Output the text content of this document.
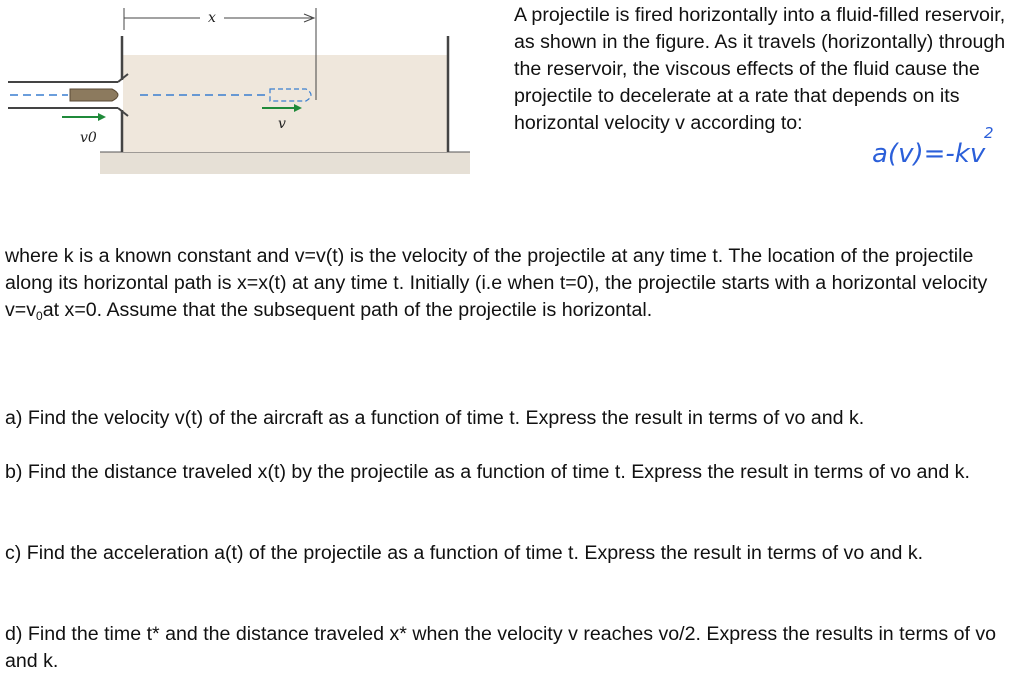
x
v0
v

A projectile is fired horizontally into a fluid-filled reservoir, as shown in the figure. As it travels (horizontally) through the reservoir, the viscous effects of the fluid cause the projectile to decelerate at a rate that depends on its horizontal velocity v according to:

a(v)=-kv
2

where k is a known constant and v=v(t) is the velocity of the projectile at any time t. The location of the projectile along its horizontal path is x=x(t) at any time t. Initially (i.e when t=0), the projectile starts with a horizontal velocity $v=v_0at$ x=0. Assume that the subsequent path of the projectile is horizontal.

a) Find the velocity v(t) of the aircraft as a function of time t. Express the result in terms of vo and k.

b) Find the distance traveled x(t) by the projectile as a function of time t. Express the result in terms of vo and k.

c) Find the acceleration a(t) of the projectile as a function of time t. Express the result in terms of vo and k.

d) Find the time t* and the distance traveled x* when the velocity v reaches vo/2. Express the results in terms of vo and k.
